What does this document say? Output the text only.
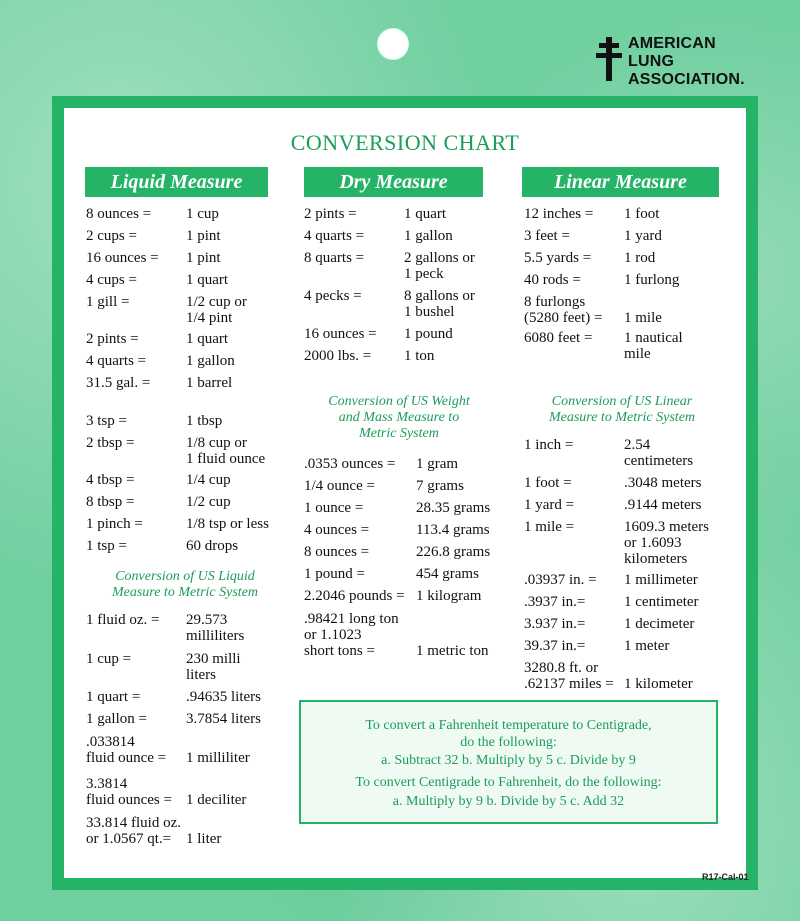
AMERICAN
LUNG
ASSOCIATION.
CONVERSION CHART
Liquid Measure	Dry Measure	Linear Measure
8 ounces = 1 cup
2 cups =	1 pint
16 ounces = 1 pint
4 cups =	1 quart
1 gill =	1/2 cup or
1/4 pint
2 pints =	1 quart
4 quarts =	1 gallon
31.5 gal. = 1 barrel
3 tsp =	1 tbsp
2 tbsp =	1/8 cup or
1 fluid ounce
4 tbsp =	1/4 cup
8 tbsp =	1/2 cup
1 pinch =	1/8 tsp or less
1 tsp =	60 drops
1 fluid oz. = 29.573
milliliters
1 cup =	230 milli
liters
1 quart =	.94635 liters
1 gallon =	3.7854 liters
.033814
fluid ounce = 1 milliliter
3.3814
fluid ounces = 1 deciliter
33.814 fluid oz.
or 1.0567 qt.= 1 liter
2 pints =	1 quart
4 quarts =	1 gallon
8 quarts =	2 gallons or
1 peck
4 pecks =	8 gallons or
1 bushel
16 ounces = 1 pound
2000 lbs. = 1 ton
.0353 ounces = 1 gram
1/4 ounce =	7 grams
1 ounce =	28.35 grams
4 ounces =	113.4 grams
8 ounces =	226.8 grams
1 pound =	454 grams
2.2046 pounds = 1 kilogram
.98421 long ton
or 1.1023
short tons =	1 metric ton
12 inches = 1 foot
3 feet =	1 yard
5.5 yards = 1 rod
40 rods =	1 furlong
8 furlongs
(5280 feet) = 1 mile
6080 feet = 1 nautical
mile
1 inch =	2.54
centimeters
1 foot =	.3048 meters
1 yard =	.9144 meters
1 mile =	1609.3 meters
or 1.6093
kilometers
.03937 in. = 1 millimeter
.3937 in.=	1 centimeter
3.937 in.=	1 decimeter
39.37 in.=	1 meter
3280.8 ft. or
.62137 miles = 1 kilometer
Conversion of US Liquid
Measure to Metric System
Conversion of US Weight
and Mass Measure to
Metric System
Conversion of US Linear
Measure to Metric System
To convert a Fahrenheit temperature to Centigrade,
do the following:
a. Subtract 32 b. Multiply by 5 c. Divide by 9
To convert Centigrade to Fahrenheit, do the following:
a. Multiply by 9 b. Divide by 5 c. Add 32
R17-Cal-01
